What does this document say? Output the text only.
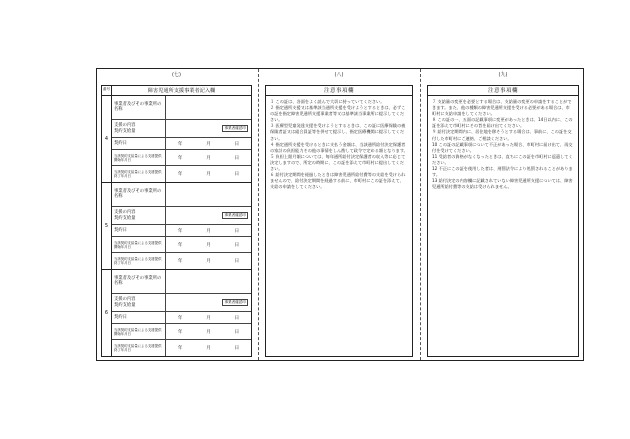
(七)
番号	障害児通所支援事業者記入欄
4
事業者及びその事業所の名称
支援の内容
契約支給量
事業者確認印
契約日	年	月	日
当該契約支給量による支援提供開始年月日	年	月	日
当該契約支給量による支援提供終了年月日	年	月	日
5
事業者及びその事業所の名称
支援の内容
契約支給量
事業者確認印
契約日	年	月	日
当該契約支給量による支援提供開始年月日	年	月	日
当該契約支給量による支援提供終了年月日	年	月	日
6
事業者及びその事業所の名称
支援の内容
契約支給量
事業者確認印
契約日	年	月	日
当該契約支給量による支援提供開始年月日	年	月	日
当該契約支給量による支援提供終了年月日	年	月	日
(八)
注意事項欄

１ この証は、各面をよく読んで大切に持っていてください。

２ 指定通所支援又は基準該当通所支援を受けようとするときは、必ずこの証を指定障害児通所支援事業者等又は基準該当事業所に提示してください。

３ 医療型児童発達支援を受けようとするときは、この証に医療保険の被保険者証又は組合員証等を併せて提示し、指定医療機関に提示してください。

４ 指定通所支援を受けるときに支払う金額は、当該通所給付決定保護者の家計の負担能力その他の事情をしん酌して政令で定める額となります。

５ 負担上限月額については、毎年通所給付決定保護者の収入等に応じて決定しますので、所定の時期に、この証を添えて市町村に提出してください。

６ 給付決定期間を経過したときは障害児通所給付費等の支給を受けられませんので、給付決定期間を経過する前に、市町村にこの証を添えて、支給の申請をしてください。

(九)
注意事項欄

７ 支給量の変更を必要とする場合は、支給量の変更の申請をすることができます。また、他の種類の障害児通所支援を受ける必要がある場合は、市町村に支給申請をしてください。

８ この証の一、五面の記載事項に変更があったときは、14日以内に、この証を添えて市町村にその旨を届け出てください。

９ 給付決定期間内に、居住地を移そうとする場合は、事前に、この証を交付した市町村にご連絡、ご相談ください。

10 この証の記載事項について不正があった場合、市町村に届け出て、再交付を受けてください。

11 受給者の資格がなくなったときは、直ちにこの証を市町村に返還してください。

12 不正にこの証を使用した者は、刑罰法令により処罰されることがあります。

13 給付決定の内容欄に記載されていない障害児通所支援については、障害児通所給付費等の支給は受けられません。
